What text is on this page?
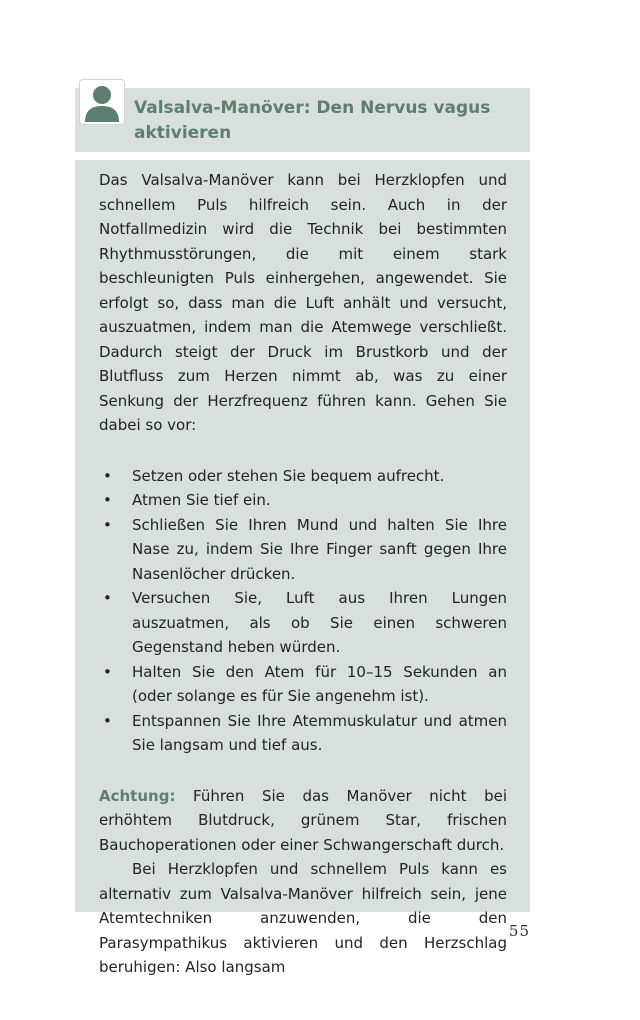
Valsalva-Manöver: Den Nervus vagus aktivieren

Das Valsalva-Manöver kann bei Herzklopfen und schnellem Puls hilfreich sein. Auch in der Notfallmedizin wird die Technik bei bestimmten Rhythmusstörungen, die mit einem stark beschleunigten Puls einhergehen, angewendet. Sie erfolgt so, dass man die Luft anhält und versucht, auszuatmen, indem man die Atemwege verschließt. Dadurch steigt der Druck im Brustkorb und der Blutfluss zum Herzen nimmt ab, was zu einer Senkung der Herzfrequenz führen kann. Gehen Sie dabei so vor:

• Setzen oder stehen Sie bequem aufrecht.
• Atmen Sie tief ein.
• Schließen Sie Ihren Mund und halten Sie Ihre Nase zu, indem Sie Ihre Finger sanft gegen Ihre Nasenlöcher drücken.
• Versuchen Sie, Luft aus Ihren Lungen auszuatmen, als ob Sie einen schweren Gegenstand heben würden.
• Halten Sie den Atem für 10–15 Sekunden an (oder solange es für Sie angenehm ist).
• Entspannen Sie Ihre Atemmuskulatur und atmen Sie langsam und tief aus.

Achtung: Führen Sie das Manöver nicht bei erhöhtem Blutdruck, grünem Star, frischen Bauchoperationen oder einer Schwangerschaft durch.

Bei Herzklopfen und schnellem Puls kann es alternativ zum Valsalva-Manöver hilfreich sein, jene Atemtechniken anzuwenden, die den Parasympathikus aktivieren und den Herzschlag beruhigen: Also langsam

55
